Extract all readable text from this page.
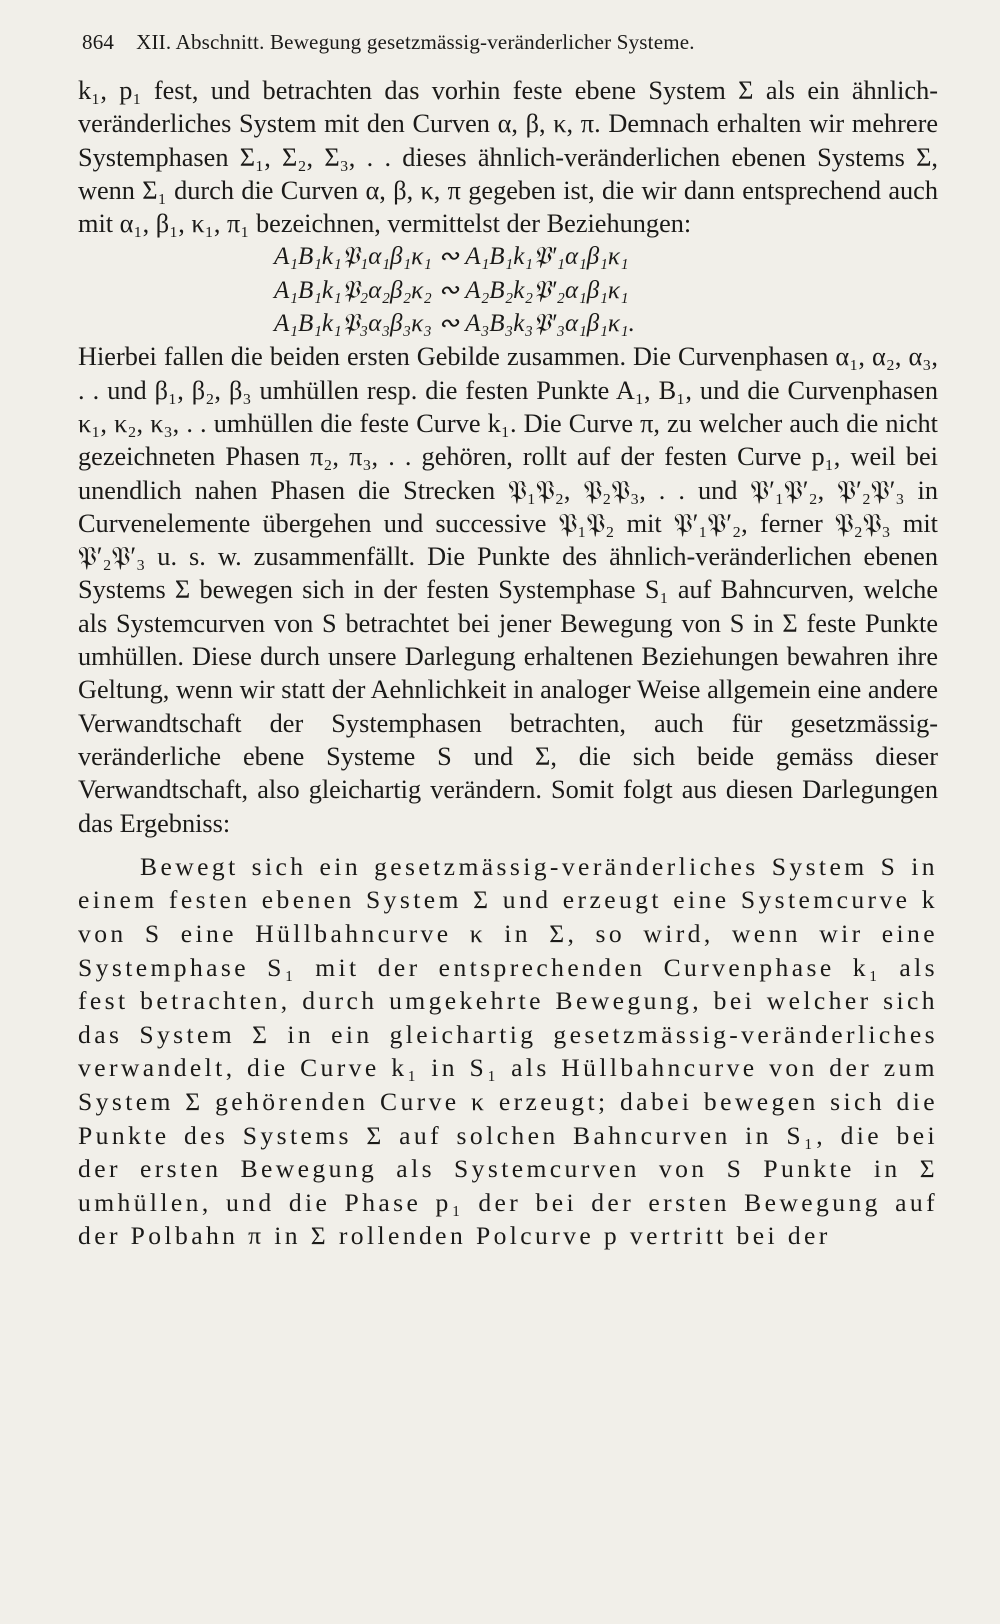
864 XII. Abschnitt. Bewegung gesetzmässig-veränderlicher Systeme.

k₁, p₁ fest, und betrachten das vorhin feste ebene System Σ als ein ähnlich-veränderliches System mit den Curven α, β, κ, π. Demnach erhalten wir mehrere Systemphasen Σ₁, Σ₂, Σ₃, . . dieses ähnlich-veränderlichen ebenen Systems Σ, wenn Σ₁ durch die Curven α, β, κ, π gegeben ist, die wir dann entsprechend auch mit α₁, β₁, κ₁, π₁ bezeichnen, vermittelst der Beziehungen:

A₁B₁k₁𝔓₁α₁β₁κ₁ ∾ A₁B₁k₁𝔓′₁α₁β₁κ₁
A₁B₁k₁𝔓₂α₂β₂κ₂ ∾ A₂B₂k₂𝔓′₂α₁β₁κ₁
A₁B₁k₁𝔓₃α₃β₃κ₃ ∾ A₃B₃k₃𝔓′₃α₁β₁κ₁.

Hierbei fallen die beiden ersten Gebilde zusammen. Die Curvenphasen α₁, α₂, α₃, . . und β₁, β₂, β₃ umhüllen resp. die festen Punkte A₁, B₁, und die Curvenphasen κ₁, κ₂, κ₃, . . umhüllen die feste Curve k₁. Die Curve π, zu welcher auch die nicht gezeichneten Phasen π₂, π₃, . . gehören, rollt auf der festen Curve p₁, weil bei unendlich nahen Phasen die Strecken 𝔓₁𝔓₂, 𝔓₂𝔓₃, . . und 𝔓′₁𝔓′₂, 𝔓′₂𝔓′₃ in Curvenelemente übergehen und successive 𝔓₁𝔓₂ mit 𝔓′₁𝔓′₂, ferner 𝔓₂𝔓₃ mit 𝔓′₂𝔓′₃ u. s. w. zusammenfällt. Die Punkte des ähnlich-veränderlichen ebenen Systems Σ bewegen sich in der festen Systemphase S₁ auf Bahncurven, welche als Systemcurven von S betrachtet bei jener Bewegung von S in Σ feste Punkte umhüllen. Diese durch unsere Darlegung erhaltenen Beziehungen bewahren ihre Geltung, wenn wir statt der Aehnlichkeit in analoger Weise allgemein eine andere Verwandtschaft der Systemphasen betrachten, auch für gesetzmässig-veränderliche ebene Systeme S und Σ, die sich beide gemäss dieser Verwandtschaft, also gleichartig verändern. Somit folgt aus diesen Darlegungen das Ergebniss:

Bewegt sich ein gesetzmässig-veränderliches System S in einem festen ebenen System Σ und erzeugt eine Systemcurve k von S eine Hüllbahncurve κ in Σ, so wird, wenn wir eine Systemphase S₁ mit der entsprechenden Curvenphase k₁ als fest betrachten, durch umgekehrte Bewegung, bei welcher sich das System Σ in ein gleichartig gesetzmässig-veränderliches verwandelt, die Curve k₁ in S₁ als Hüllbahncurve von der zum System Σ gehörenden Curve κ erzeugt; dabei bewegen sich die Punkte des Systems Σ auf solchen Bahncurven in S₁, die bei der ersten Bewegung als Systemcurven von S Punkte in Σ umhüllen, und die Phase p₁ der bei der ersten Bewegung auf der Polbahn π in Σ rollenden Polcurve p vertritt bei der
